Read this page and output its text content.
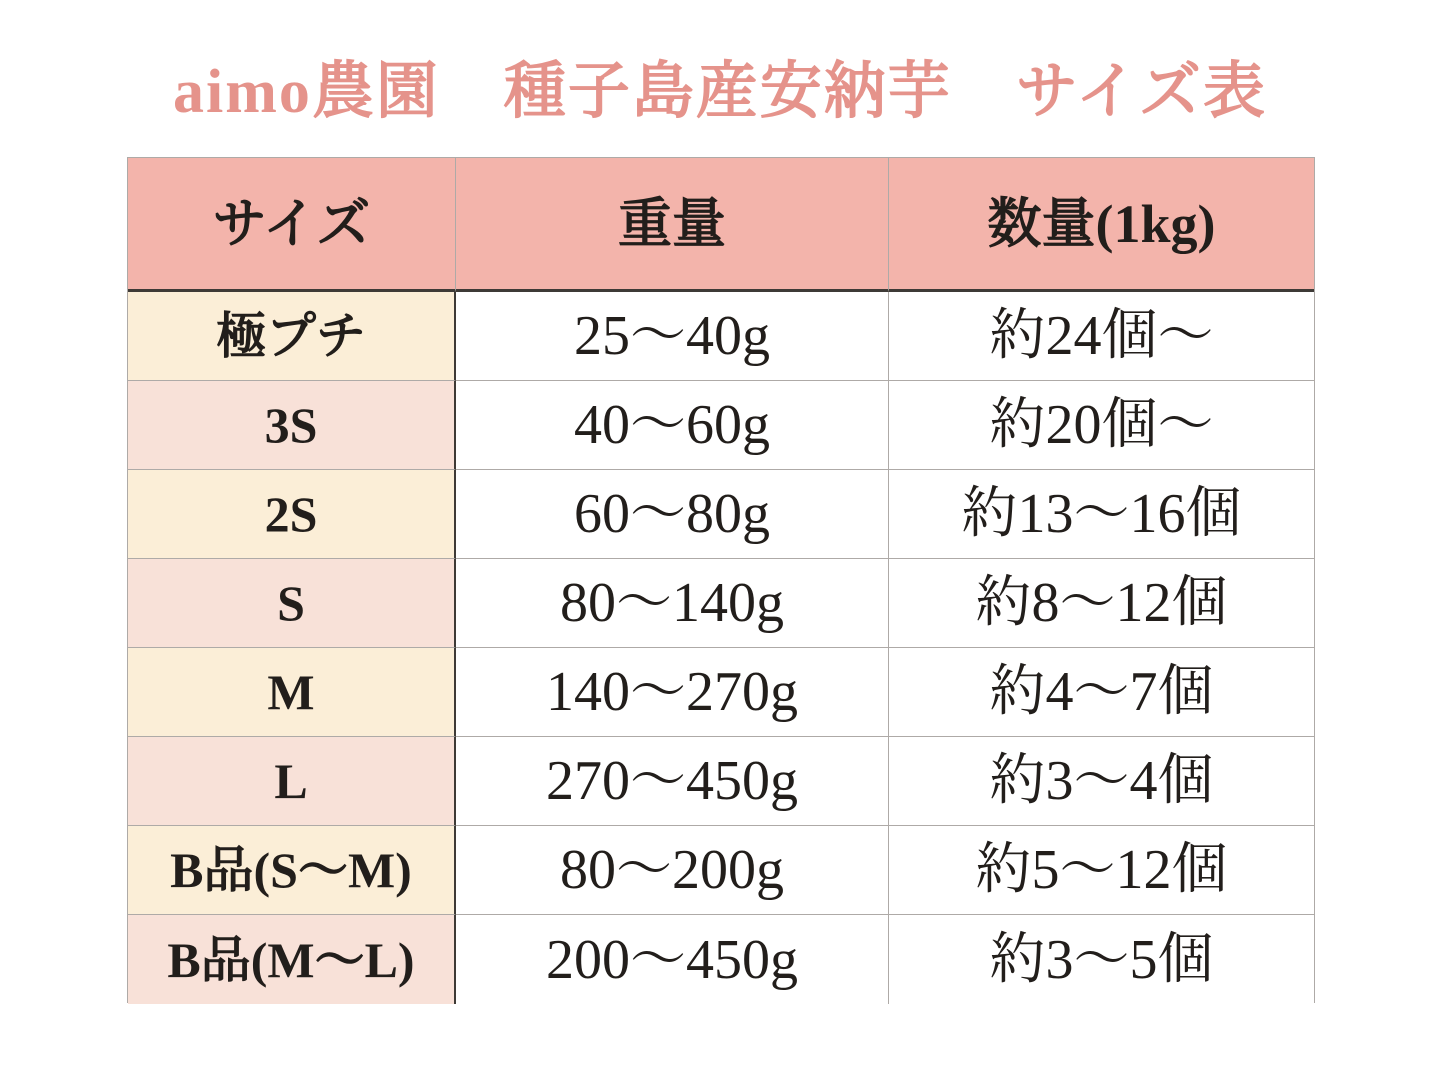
aimo農園　種子島産安納芋　サイズ表
サイズ	重量	数量(1kg)
極プチ	25〜40g	約24個〜
3S	40〜60g	約20個〜
2S	60〜80g	約13〜16個
S	80〜140g	約8〜12個
M	140〜270g	約4〜7個
L	270〜450g	約3〜4個
B品(S〜M)	80〜200g	約5〜12個
B品(M〜L)	200〜450g	約3〜5個
